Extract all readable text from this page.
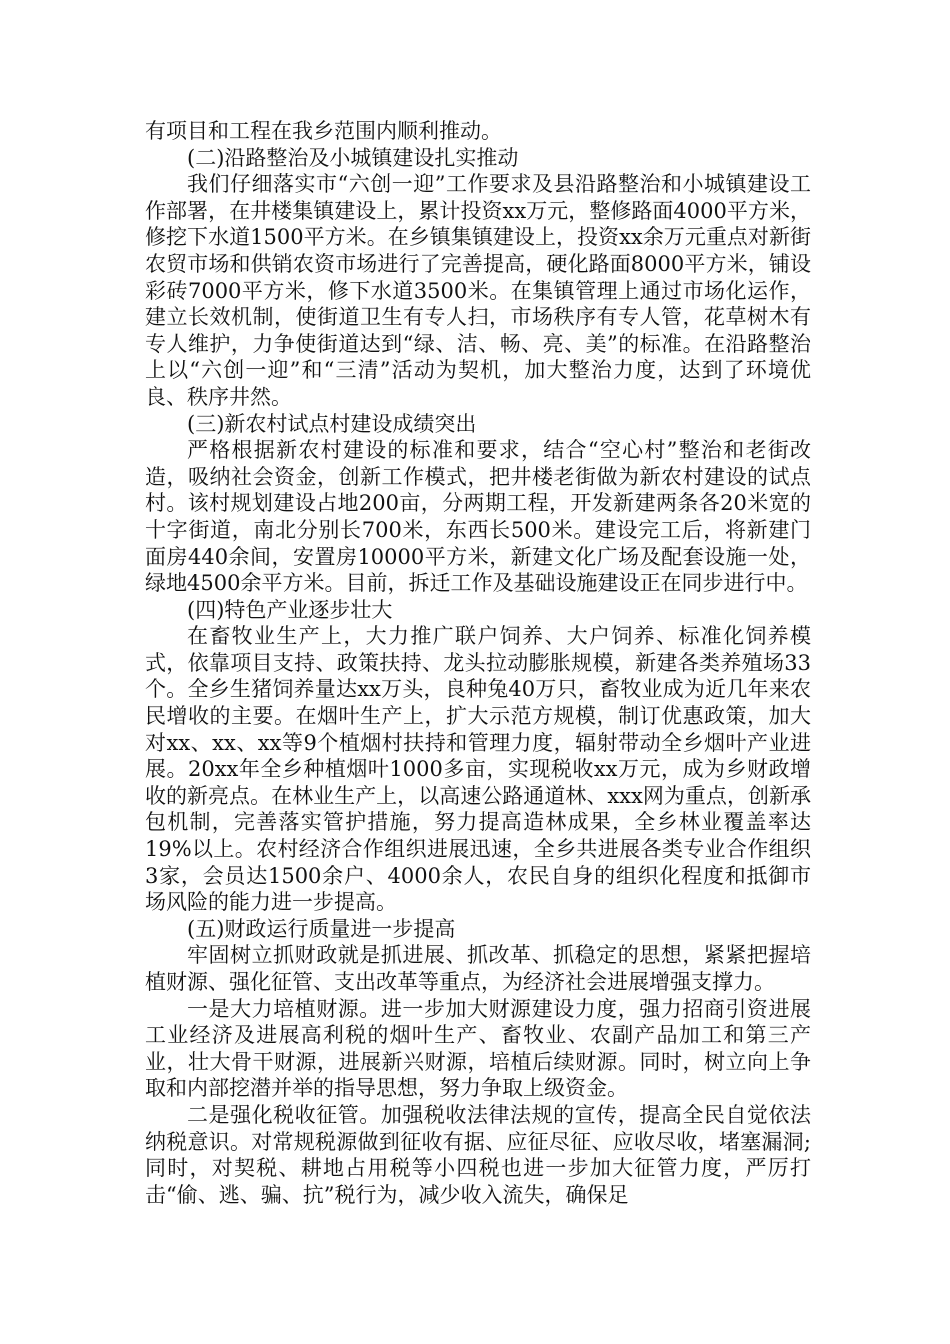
有项目和工程在我乡范围内顺利推动。

(二)沿路整治及小城镇建设扎实推动

我们仔细落实市“六创一迎”工作要求及县沿路整治和小城镇建设工作部署，在井楼集镇建设上，累计投资xx万元，整修路面4000平方米，修挖下水道1500平方米。在乡镇集镇建设上，投资xx余万元重点对新街农贸市场和供销农资市场进行了完善提高，硬化路面8000平方米，铺设彩砖7000平方米，修下水道3500米。在集镇管理上通过市场化运作，建立长效机制，使街道卫生有专人扫，市场秩序有专人管，花草树木有专人维护，力争使街道达到“绿、洁、畅、亮、美”的标准。在沿路整治上以“六创一迎”和“三清”活动为契机，加大整治力度，达到了环境优良、秩序井然。

(三)新农村试点村建设成绩突出

严格根据新农村建设的标准和要求，结合“空心村”整治和老街改造，吸纳社会资金，创新工作模式，把井楼老街做为新农村建设的试点村。该村规划建设占地200亩，分两期工程，开发新建两条各20米宽的十字街道，南北分别长700米，东西长500米。建设完工后，将新建门面房440余间，安置房10000平方米，新建文化广场及配套设施一处，绿地4500余平方米。目前，拆迁工作及基础设施建设正在同步进行中。

(四)特色产业逐步壮大

在畜牧业生产上，大力推广联户饲养、大户饲养、标准化饲养模式，依靠项目支持、政策扶持、龙头拉动膨胀规模，新建各类养殖场33个。全乡生猪饲养量达xx万头，良种兔40万只，畜牧业成为近几年来农民增收的主要。在烟叶生产上，扩大示范方规模，制订优惠政策，加大对xx、xx、xx等9个植烟村扶持和管理力度，辐射带动全乡烟叶产业进展。20xx年全乡种植烟叶1000多亩，实现税收xx万元，成为乡财政增收的新亮点。在林业生产上，以高速公路通道林、xxx网为重点，创新承包机制，完善落实管护措施，努力提高造林成果，全乡林业覆盖率达19%以上。农村经济合作组织进展迅速，全乡共进展各类专业合作组织3家，会员达1500余户、4000余人，农民自身的组织化程度和抵御市场风险的能力进一步提高。

(五)财政运行质量进一步提高

牢固树立抓财政就是抓进展、抓改革、抓稳定的思想，紧紧把握培植财源、强化征管、支出改革等重点，为经济社会进展增强支撑力。

一是大力培植财源。进一步加大财源建设力度，强力招商引资进展工业经济及进展高利税的烟叶生产、畜牧业、农副产品加工和第三产业，壮大骨干财源，进展新兴财源，培植后续财源。同时，树立向上争取和内部挖潜并举的指导思想，努力争取上级资金。

二是强化税收征管。加强税收法律法规的宣传，提高全民自觉依法纳税意识。对常规税源做到征收有据、应征尽征、应收尽收，堵塞漏洞;同时，对契税、耕地占用税等小四税也进一步加大征管力度，严厉打击“偷、逃、骗、抗”税行为，减少收入流失，确保足
